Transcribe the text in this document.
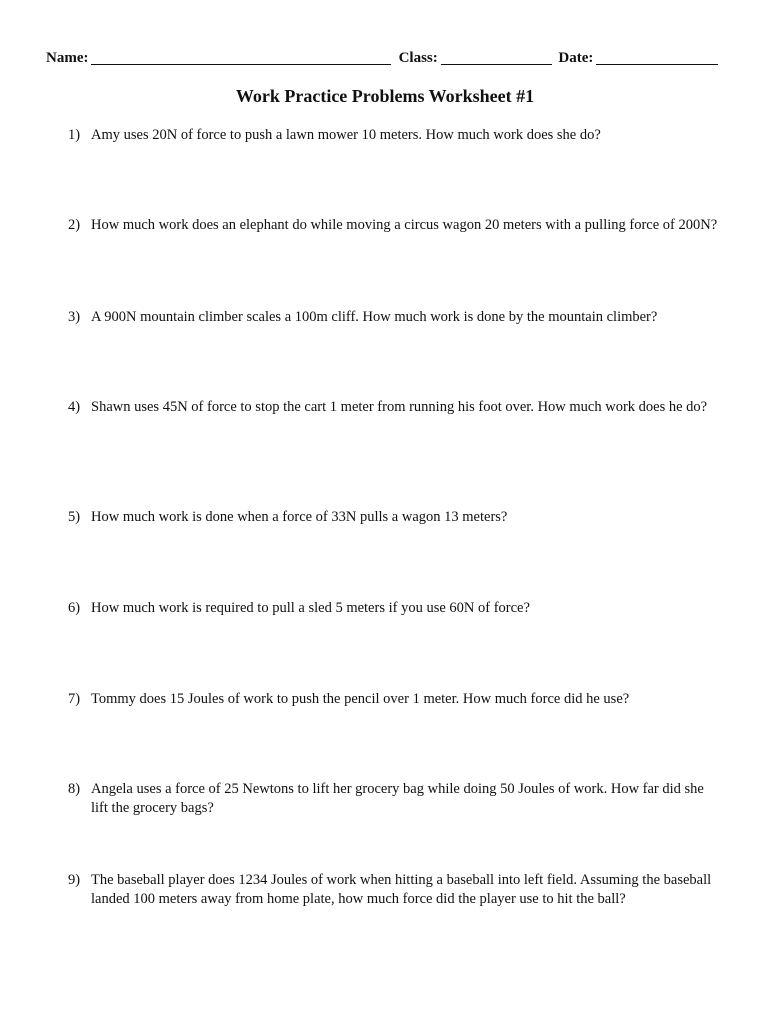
Name:	Class:	Date:
Work Practice Problems Worksheet #1
1) Amy uses 20N of force to push a lawn mower 10 meters. How much work does she do?
2) How much work does an elephant do while moving a circus wagon 20 meters with a pulling force of 200N?
3) A 900N mountain climber scales a 100m cliff. How much work is done by the mountain climber?
4) Shawn uses 45N of force to stop the cart 1 meter from running his foot over. How much work does he do?
5) How much work is done when a force of 33N pulls a wagon 13 meters?
6) How much work is required to pull a sled 5 meters if you use 60N of force?
7) Tommy does 15 Joules of work to push the pencil over 1 meter. How much force did he use?
8) Angela uses a force of 25 Newtons to lift her grocery bag while doing 50 Joules of work. How far did she lift the grocery bags?
9) The baseball player does 1234 Joules of work when hitting a baseball into left field. Assuming the baseball landed 100 meters away from home plate, how much force did the player use to hit the ball?
